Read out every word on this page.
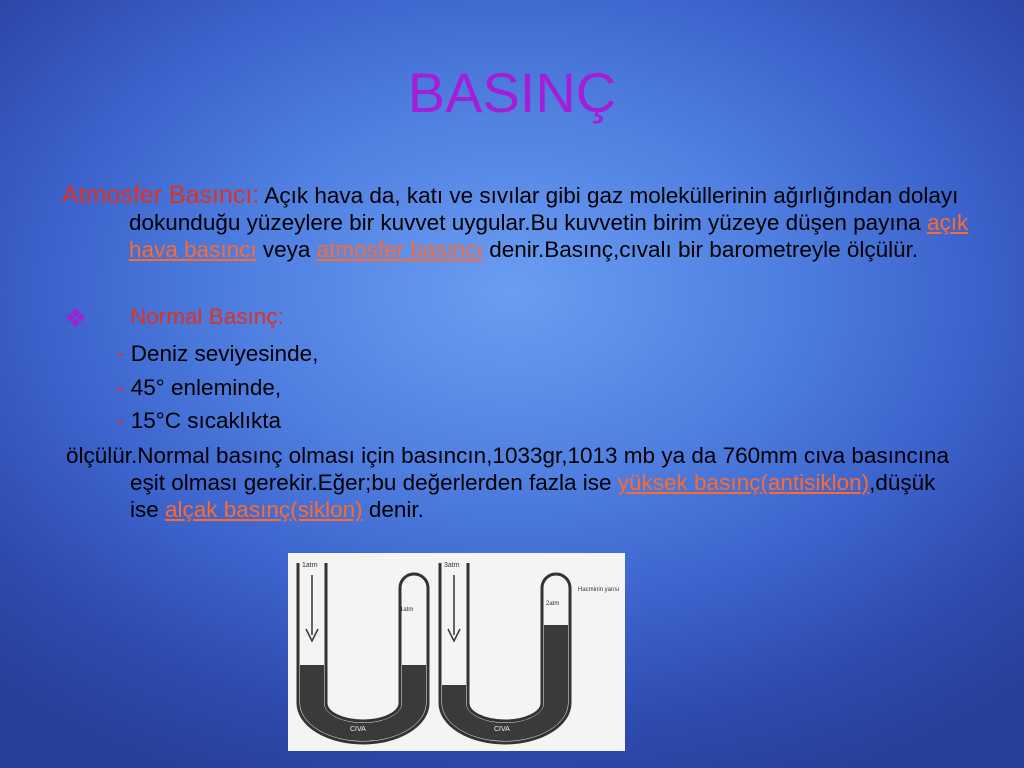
BASINÇ
Atmosfer Basıncı: Açık hava da, katı ve sıvılar gibi gaz moleküllerinin ağırlığından dolayı dokunduğu yüzeylere bir kuvvet uygular.Bu kuvvetin birim yüzeye düşen payına açık hava basıncı veya atmosfer basıncı denir.Basınç,cıvalı bir barometreyle ölçülür.
❖ Normal Basınç:
- Deniz seviyesinde,
- 45° enleminde,
- 15°C sıcaklıkta
ölçülür.Normal basınç olması için basıncın,1033gr,1013 mb ya da 760mm cıva basıncına eşit olması gerekir.Eğer;bu değerlerden fazla ise yüksek basınç(antisiklon),düşük ise alçak basınç(siklon) denir.
1atm
1atm
CIVA
3atm
2atm
Hacminin yarısı
CIVA
